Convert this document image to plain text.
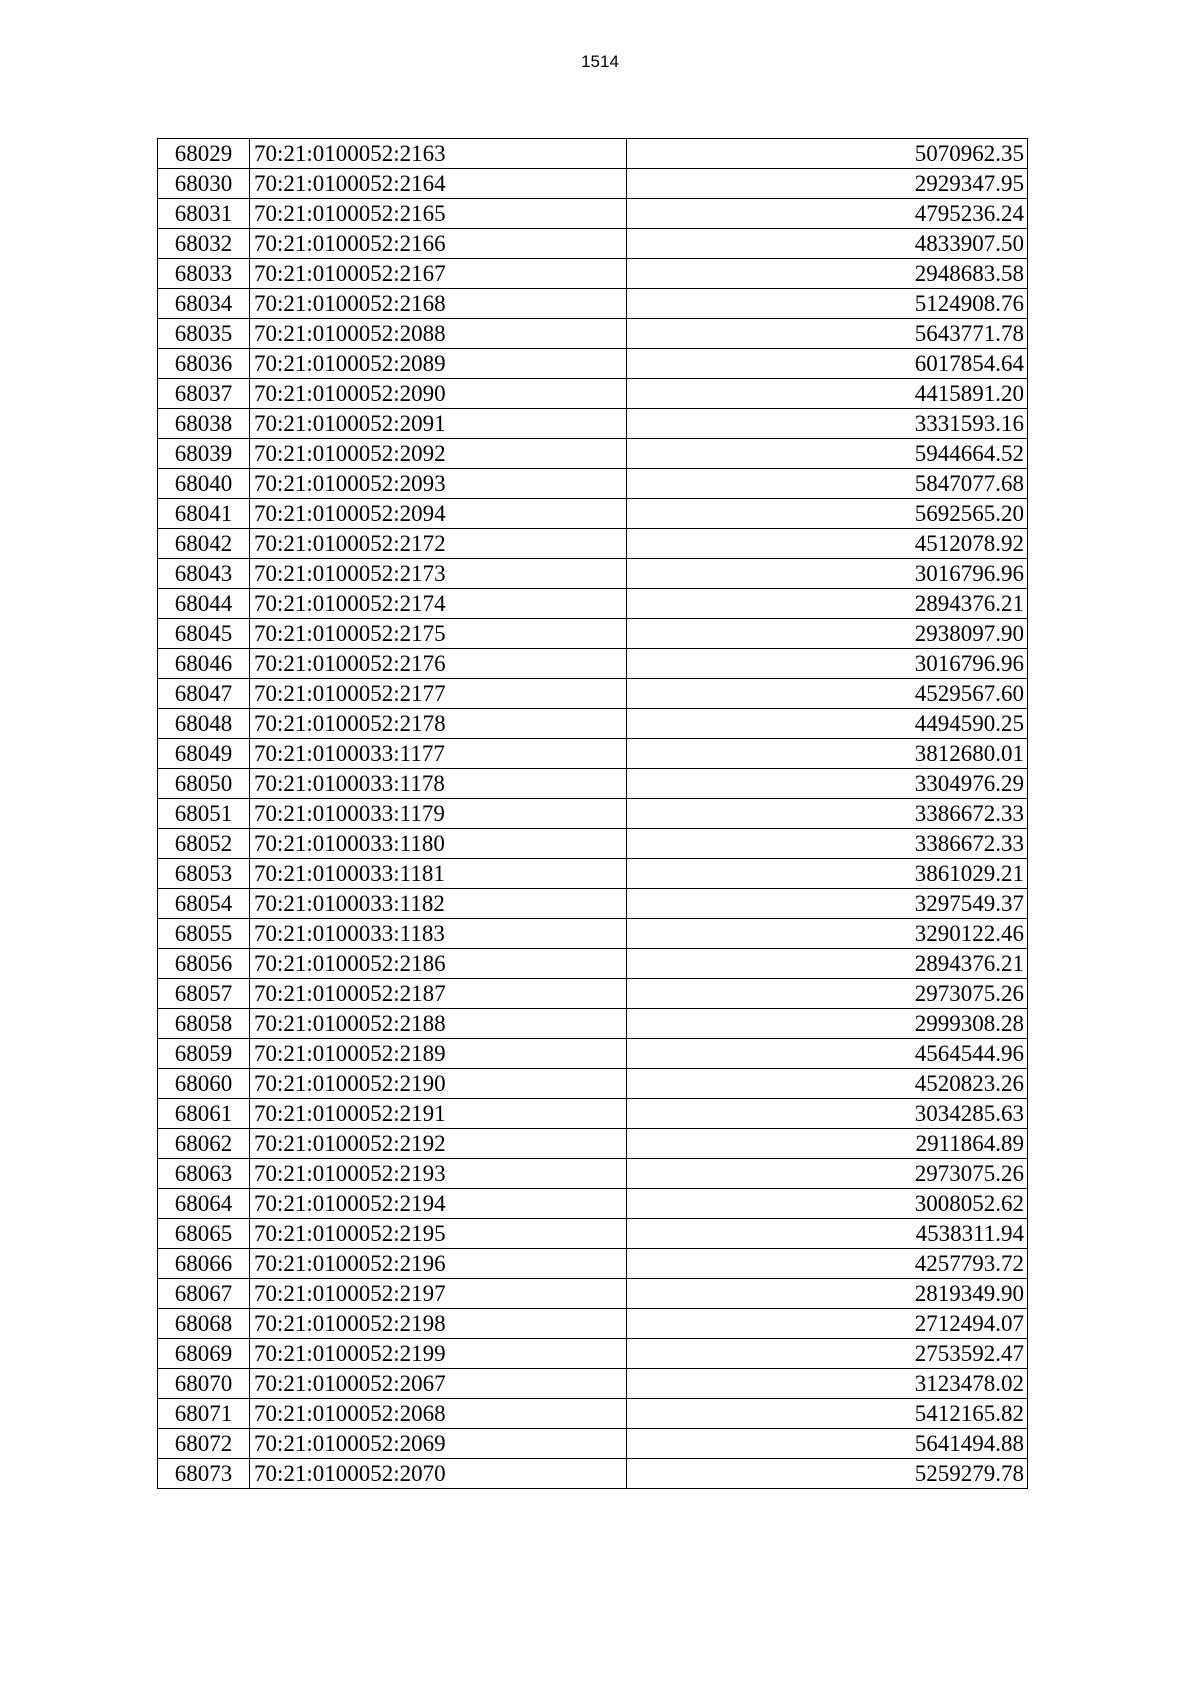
1514
68029	70:21:0100052:2163	5070962.35
68030	70:21:0100052:2164	2929347.95
68031	70:21:0100052:2165	4795236.24
68032	70:21:0100052:2166	4833907.50
68033	70:21:0100052:2167	2948683.58
68034	70:21:0100052:2168	5124908.76
68035	70:21:0100052:2088	5643771.78
68036	70:21:0100052:2089	6017854.64
68037	70:21:0100052:2090	4415891.20
68038	70:21:0100052:2091	3331593.16
68039	70:21:0100052:2092	5944664.52
68040	70:21:0100052:2093	5847077.68
68041	70:21:0100052:2094	5692565.20
68042	70:21:0100052:2172	4512078.92
68043	70:21:0100052:2173	3016796.96
68044	70:21:0100052:2174	2894376.21
68045	70:21:0100052:2175	2938097.90
68046	70:21:0100052:2176	3016796.96
68047	70:21:0100052:2177	4529567.60
68048	70:21:0100052:2178	4494590.25
68049	70:21:0100033:1177	3812680.01
68050	70:21:0100033:1178	3304976.29
68051	70:21:0100033:1179	3386672.33
68052	70:21:0100033:1180	3386672.33
68053	70:21:0100033:1181	3861029.21
68054	70:21:0100033:1182	3297549.37
68055	70:21:0100033:1183	3290122.46
68056	70:21:0100052:2186	2894376.21
68057	70:21:0100052:2187	2973075.26
68058	70:21:0100052:2188	2999308.28
68059	70:21:0100052:2189	4564544.96
68060	70:21:0100052:2190	4520823.26
68061	70:21:0100052:2191	3034285.63
68062	70:21:0100052:2192	2911864.89
68063	70:21:0100052:2193	2973075.26
68064	70:21:0100052:2194	3008052.62
68065	70:21:0100052:2195	4538311.94
68066	70:21:0100052:2196	4257793.72
68067	70:21:0100052:2197	2819349.90
68068	70:21:0100052:2198	2712494.07
68069	70:21:0100052:2199	2753592.47
68070	70:21:0100052:2067	3123478.02
68071	70:21:0100052:2068	5412165.82
68072	70:21:0100052:2069	5641494.88
68073	70:21:0100052:2070	5259279.78
